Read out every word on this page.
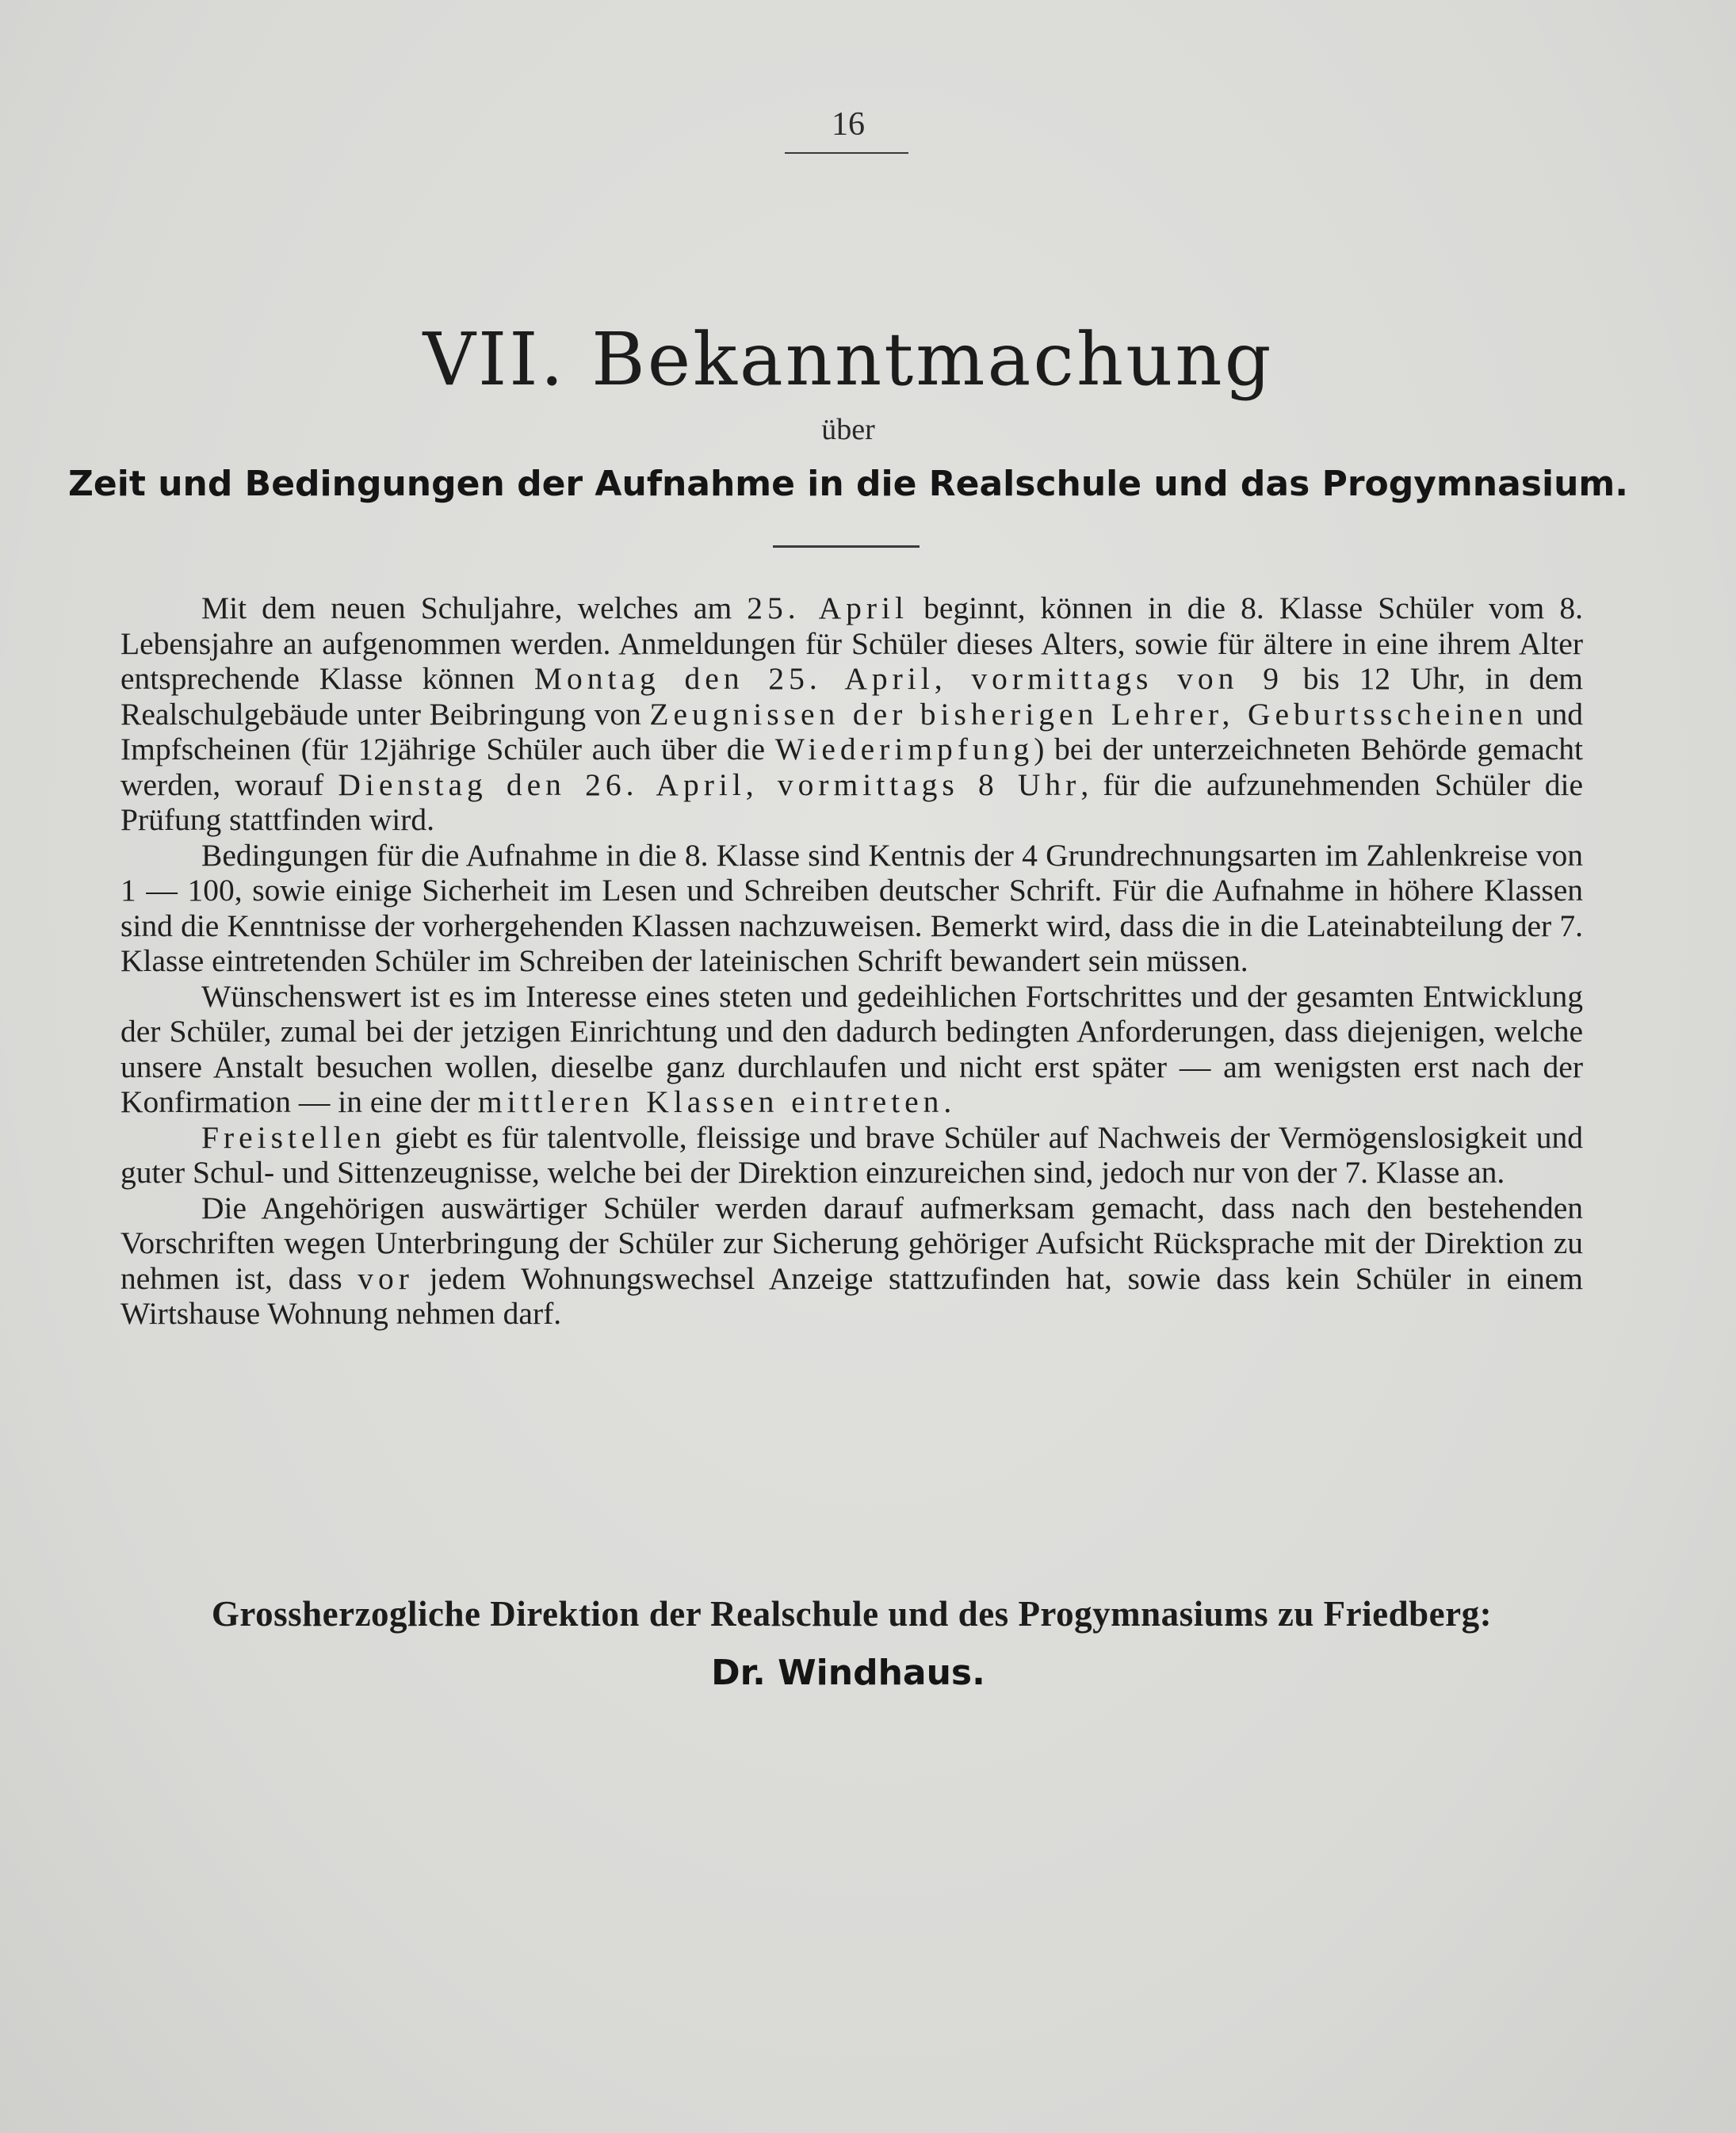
16
VII. Bekanntmachung
über
Zeit und Bedingungen der Aufnahme in die Realschule und das Progymnasium.

Mit dem neuen Schuljahre, welches am 25. April beginnt, können in die 8. Klasse Schüler vom 8. Lebensjahre an aufgenommen werden. Anmeldungen für Schüler dieses Alters, sowie für ältere in eine ihrem Alter entsprechende Klasse können Montag den 25. April, vormittags von 9 bis 12 Uhr, in dem Realschulgebäude unter Beibringung von Zeugnissen der bisherigen Lehrer, Geburtsscheinen und Impfscheinen (für 12jährige Schüler auch über die Wiederimpfung) bei der unterzeichneten Behörde gemacht werden, worauf Dienstag den 26. April, vormittags 8 Uhr, für die aufzunehmenden Schüler die Prüfung stattfinden wird.

Bedingungen für die Aufnahme in die 8. Klasse sind Kentnis der 4 Grundrechnungsarten im Zahlenkreise von 1 — 100, sowie einige Sicherheit im Lesen und Schreiben deutscher Schrift. Für die Aufnahme in höhere Klassen sind die Kenntnisse der vorhergehenden Klassen nachzuweisen. Bemerkt wird, dass die in die Lateinabteilung der 7. Klasse eintretenden Schüler im Schreiben der lateinischen Schrift bewandert sein müssen.

Wünschenswert ist es im Interesse eines steten und gedeihlichen Fortschrittes und der gesamten Entwicklung der Schüler, zumal bei der jetzigen Einrichtung und den dadurch bedingten Anforderungen, dass diejenigen, welche unsere Anstalt besuchen wollen, dieselbe ganz durchlaufen und nicht erst später — am wenigsten erst nach der Konfirmation — in eine der mittleren Klassen eintreten.

Freistellen giebt es für talentvolle, fleissige und brave Schüler auf Nachweis der Vermögenslosigkeit und guter Schul- und Sittenzeugnisse, welche bei der Direktion einzureichen sind, jedoch nur von der 7. Klasse an.

Die Angehörigen auswärtiger Schüler werden darauf aufmerksam gemacht, dass nach den bestehenden Vorschriften wegen Unterbringung der Schüler zur Sicherung gehöriger Aufsicht Rücksprache mit der Direktion zu nehmen ist, dass vor jedem Wohnungswechsel Anzeige stattzufinden hat, sowie dass kein Schüler in einem Wirtshause Wohnung nehmen darf.

Grossherzogliche Direktion der Realschule und des Progymnasiums zu Friedberg:
Dr. Windhaus.
